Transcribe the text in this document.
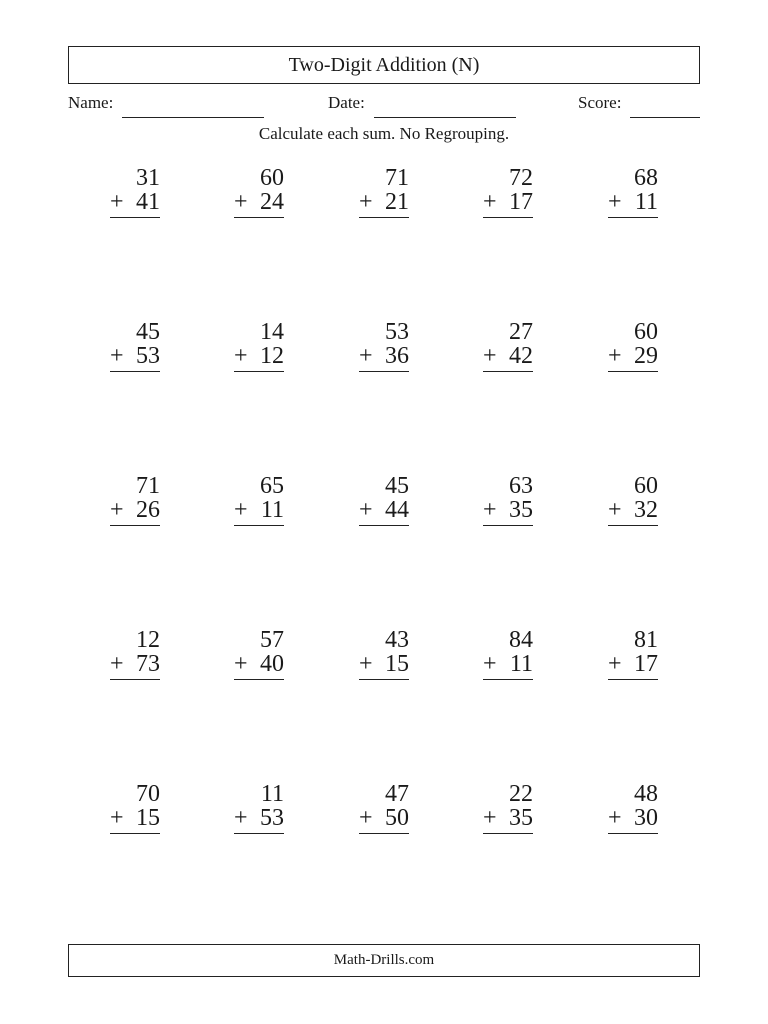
Two-Digit Addition (N)
Name:	Date:	Score:
Calculate each sum. No Regrouping.
31
+ 41
60
+ 24
71
+ 21
72
+ 17
68
+ 11
45
+ 53
14
+ 12
53
+ 36
27
+ 42
60
+ 29
71
+ 26
65
+ 11
45
+ 44
63
+ 35
60
+ 32
12
+ 73
57
+ 40
43
+ 15
84
+ 11
81
+ 17
70
+ 15
11
+ 53
47
+ 50
22
+ 35
48
+ 30
Math-Drills.com
